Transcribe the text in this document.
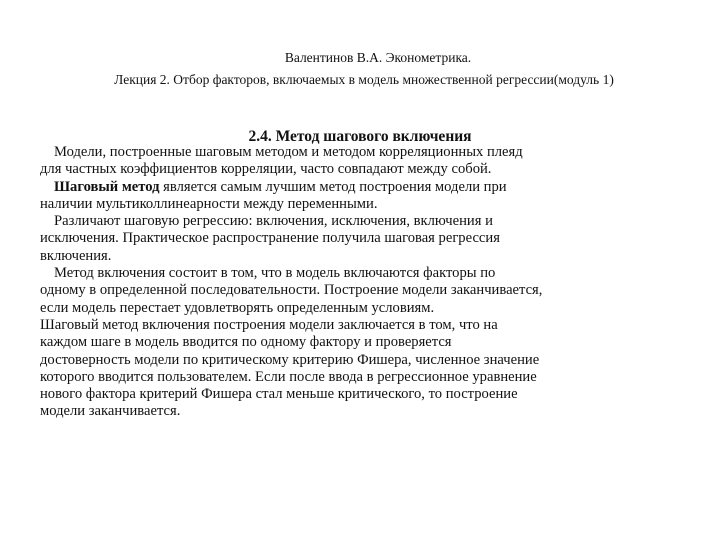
Валентинов В.А. Эконометрика.
Лекция 2. Отбор факторов, включаемых в модель множественной регрессии(модуль 1)
2.4. Метод шагового включения
Модели, построенные шаговым методом и методом корреляционных плеяд
для частных коэффициентов корреляции, часто совпадают между собой.
Шаговый метод является самым лучшим метод построения модели при
наличии мультиколлинеарности между переменными.
Различают шаговую регрессию: включения, исключения, включения и
исключения. Практическое распространение получила шаговая регрессия
включения.
Метод включения состоит в том, что в модель включаются факторы по
одному в определенной последовательности. Построение модели заканчивается,
если модель перестает удовлетворять определенным условиям.
Шаговый метод включения построения модели заключается в том, что на
каждом шаге в модель вводится по одному фактору и проверяется
достоверность модели по критическому критерию Фишера, численное значение
которого вводится пользователем. Если после ввода в регрессионное уравнение
нового фактора критерий Фишера стал меньше критического, то построение
модели заканчивается.
